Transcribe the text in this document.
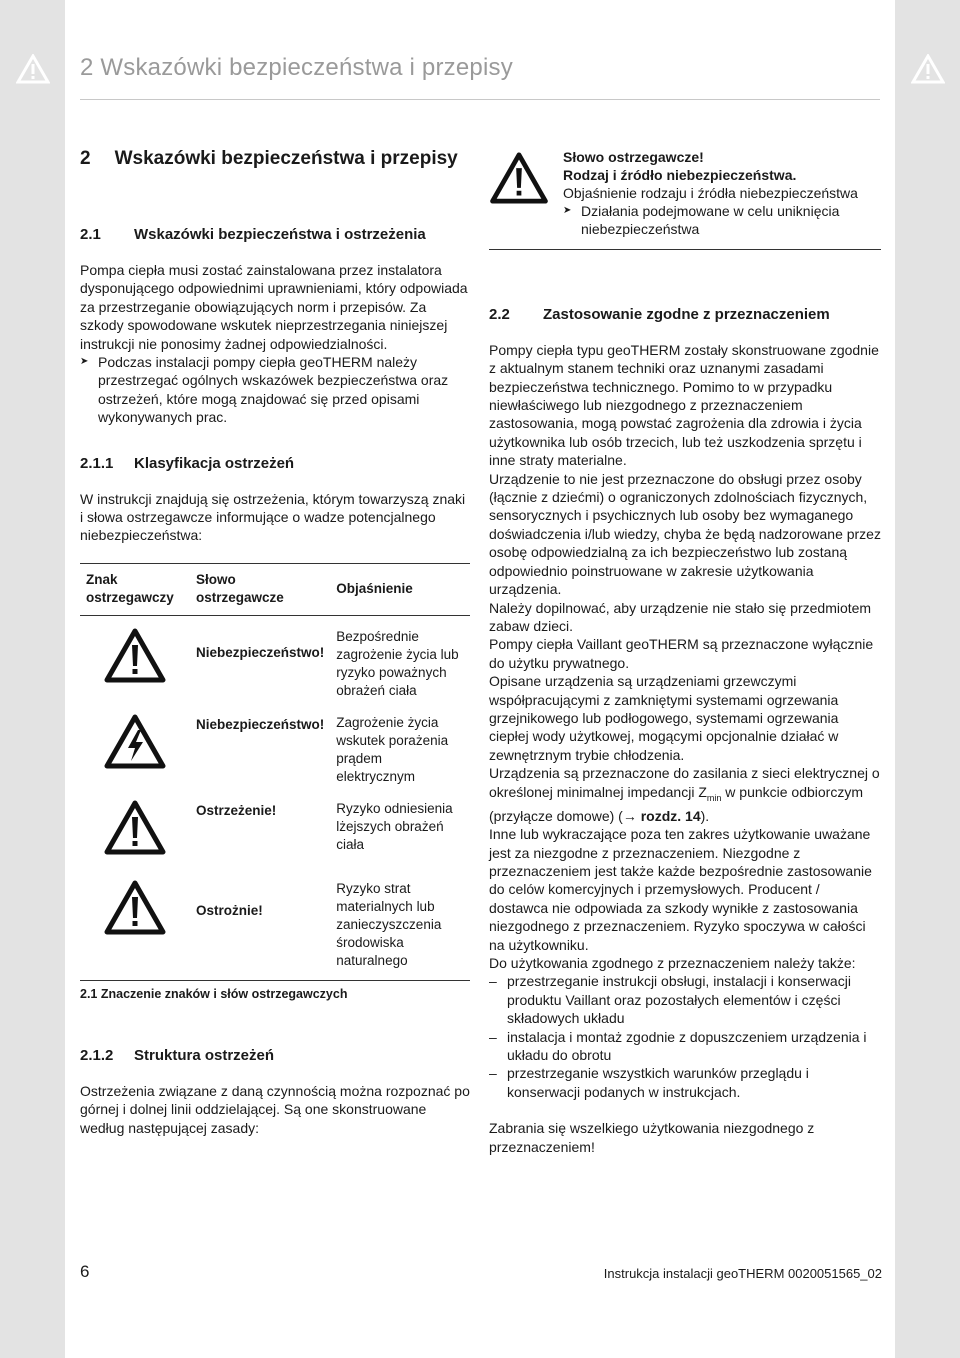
2 Wskazówki bezpieczeństwa i przepisy
2 Wskazówki bezpieczeństwa i przepisy
2.1	Wskazówki bezpieczeństwa i ostrzeżenia

Pompa ciepła musi zostać zainstalowana przez instalatora dysponującego odpowiednimi uprawnieniami, który odpowiada za przestrzeganie obowiązujących norm i przepisów. Za szkody spowodowane wskutek nieprzestrzegania niniejszej instrukcji nie ponosimy żadnej odpowiedzialności.

➤ Podczas instalacji pompy ciepła geoTHERM należy przestrzegać ogólnych wskazówek bezpieczeństwa oraz ostrzeżeń, które mogą znajdować się przed opisami wykonywanych prac.
2.1.1	Klasyfikacja ostrzeżeń

W instrukcji znajdują się ostrzeżenia, którym towarzyszą znaki i słowa ostrzegawcze informujące o wadze potencjalnego niebezpieczeństwa:

Znak ostrzegawczy	Słowo ostrzegawcze	Objaśnienie
	Niebezpieczeństwo!	Bezpośrednie zagrożenie życia lub ryzyko poważnych obrażeń ciała
	Niebezpieczeństwo!	Zagrożenie życia wskutek porażenia prądem elektrycznym
	Ostrzeżenie!	Ryzyko odniesienia lżejszych obrażeń ciała
	Ostrożnie!	Ryzyko strat materialnych lub zanieczyszczenia środowiska naturalnego
2.1 Znaczenie znaków i słów ostrzegawczych
2.1.2	Struktura ostrzeżeń

Ostrzeżenia związane z daną czynnością można rozpoznać po górnej i dolnej linii oddzielającej. Są one skonstruowane według następującej zasady:

Słowo ostrzegawcze!
Rodzaj i źródło niebezpieczeństwa.
Objaśnienie rodzaju i źródła niebezpieczeństwa
➤ Działania podejmowane w celu uniknięcia niebezpieczeństwa
2.2	Zastosowanie zgodne z przeznaczeniem

Pompy ciepła typu geoTHERM zostały skonstruowane zgodnie z aktualnym stanem techniki oraz uznanymi zasadami bezpieczeństwa technicznego. Pomimo to w przypadku niewłaściwego lub niezgodnego z przeznaczeniem zastosowania, mogą powstać zagrożenia dla zdrowia i życia użytkownika lub osób trzecich, lub też uszkodzenia sprzętu i inne straty materialne.

Urządzenie to nie jest przeznaczone do obsługi przez osoby (łącznie z dziećmi) o ograniczonych zdolnościach fizycznych, sensorycznych i psychicznych lub osoby bez wymaganego doświadczenia i/lub wiedzy, chyba że będą nadzorowane przez osobę odpowiedzialną za ich bezpieczeństwo lub zostaną odpowiednio poinstruowane w zakresie użytkowania urządzenia.

Należy dopilnować, aby urządzenie nie stało się przedmiotem zabaw dzieci.

Pompy ciepła Vaillant geoTHERM są przeznaczone wyłącznie do użytku prywatnego.

Opisane urządzenia są urządzeniami grzewczymi współpracującymi z zamkniętymi systemami ogrzewania grzejnikowego lub podłogowego, systemami ogrzewania ciepłej wody użytkowej, mogącymi opcjonalnie działać w zewnętrznym trybie chłodzenia.

Urządzenia są przeznaczone do zasilania z sieci elektrycznej o określonej minimalnej impedancji $Z_{min}$ w punkcie odbiorczym (przyłącze domowe) (→ rozdz. 14).

Inne lub wykraczające poza ten zakres użytkowanie uważane jest za niezgodne z przeznaczeniem. Niezgodne z przeznaczeniem jest także każde bezpośrednie zastosowanie do celów komercyjnych i przemysłowych. Producent / dostawca nie odpowiada za szkody wynikłe z zastosowania niezgodnego z przeznaczeniem. Ryzyko spoczywa w całości na użytkowniku.

Do użytkowania zgodnego z przeznaczeniem należy także:

– przestrzeganie instrukcji obsługi, instalacji i konserwacji produktu Vaillant oraz pozostałych elementów i części składowych układu
– instalacja i montaż zgodnie z dopuszczeniem urządzenia i układu do obrotu
– przestrzeganie wszystkich warunków przeglądu i konserwacji podanych w instrukcjach.

Zabrania się wszelkiego użytkowania niezgodnego z przeznaczeniem!

6	Instrukcja instalacji geoTHERM 0020051565_02
